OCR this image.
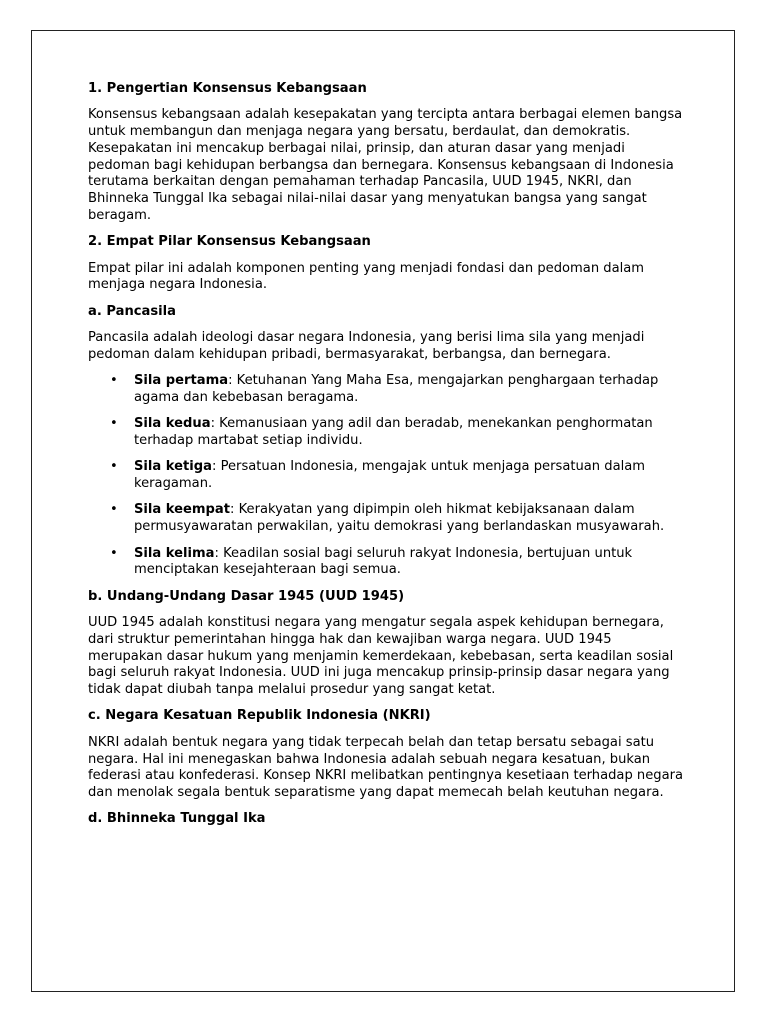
1. Pengertian Konsensus Kebangsaan

Konsensus kebangsaan adalah kesepakatan yang tercipta antara berbagai elemen bangsa untuk membangun dan menjaga negara yang bersatu, berdaulat, dan demokratis. Kesepakatan ini mencakup berbagai nilai, prinsip, dan aturan dasar yang menjadi pedoman bagi kehidupan berbangsa dan bernegara. Konsensus kebangsaan di Indonesia terutama berkaitan dengan pemahaman terhadap Pancasila, UUD 1945, NKRI, dan Bhinneka Tunggal Ika sebagai nilai-nilai dasar yang menyatukan bangsa yang sangat beragam.

2. Empat Pilar Konsensus Kebangsaan

Empat pilar ini adalah komponen penting yang menjadi fondasi dan pedoman dalam menjaga negara Indonesia.

a. Pancasila

Pancasila adalah ideologi dasar negara Indonesia, yang berisi lima sila yang menjadi pedoman dalam kehidupan pribadi, bermasyarakat, berbangsa, dan bernegara.

• Sila pertama: Ketuhanan Yang Maha Esa, mengajarkan penghargaan terhadap agama dan kebebasan beragama.
• Sila kedua: Kemanusiaan yang adil dan beradab, menekankan penghormatan terhadap martabat setiap individu.
• Sila ketiga: Persatuan Indonesia, mengajak untuk menjaga persatuan dalam keragaman.
• Sila keempat: Kerakyatan yang dipimpin oleh hikmat kebijaksanaan dalam permusyawaratan perwakilan, yaitu demokrasi yang berlandaskan musyawarah.
• Sila kelima: Keadilan sosial bagi seluruh rakyat Indonesia, bertujuan untuk menciptakan kesejahteraan bagi semua.
b. Undang-Undang Dasar 1945 (UUD 1945)

UUD 1945 adalah konstitusi negara yang mengatur segala aspek kehidupan bernegara, dari struktur pemerintahan hingga hak dan kewajiban warga negara. UUD 1945 merupakan dasar hukum yang menjamin kemerdekaan, kebebasan, serta keadilan sosial bagi seluruh rakyat Indonesia. UUD ini juga mencakup prinsip-prinsip dasar negara yang tidak dapat diubah tanpa melalui prosedur yang sangat ketat.

c. Negara Kesatuan Republik Indonesia (NKRI)

NKRI adalah bentuk negara yang tidak terpecah belah dan tetap bersatu sebagai satu negara. Hal ini menegaskan bahwa Indonesia adalah sebuah negara kesatuan, bukan federasi atau konfederasi. Konsep NKRI melibatkan pentingnya kesetiaan terhadap negara dan menolak segala bentuk separatisme yang dapat memecah belah keutuhan negara.

d. Bhinneka Tunggal Ika
